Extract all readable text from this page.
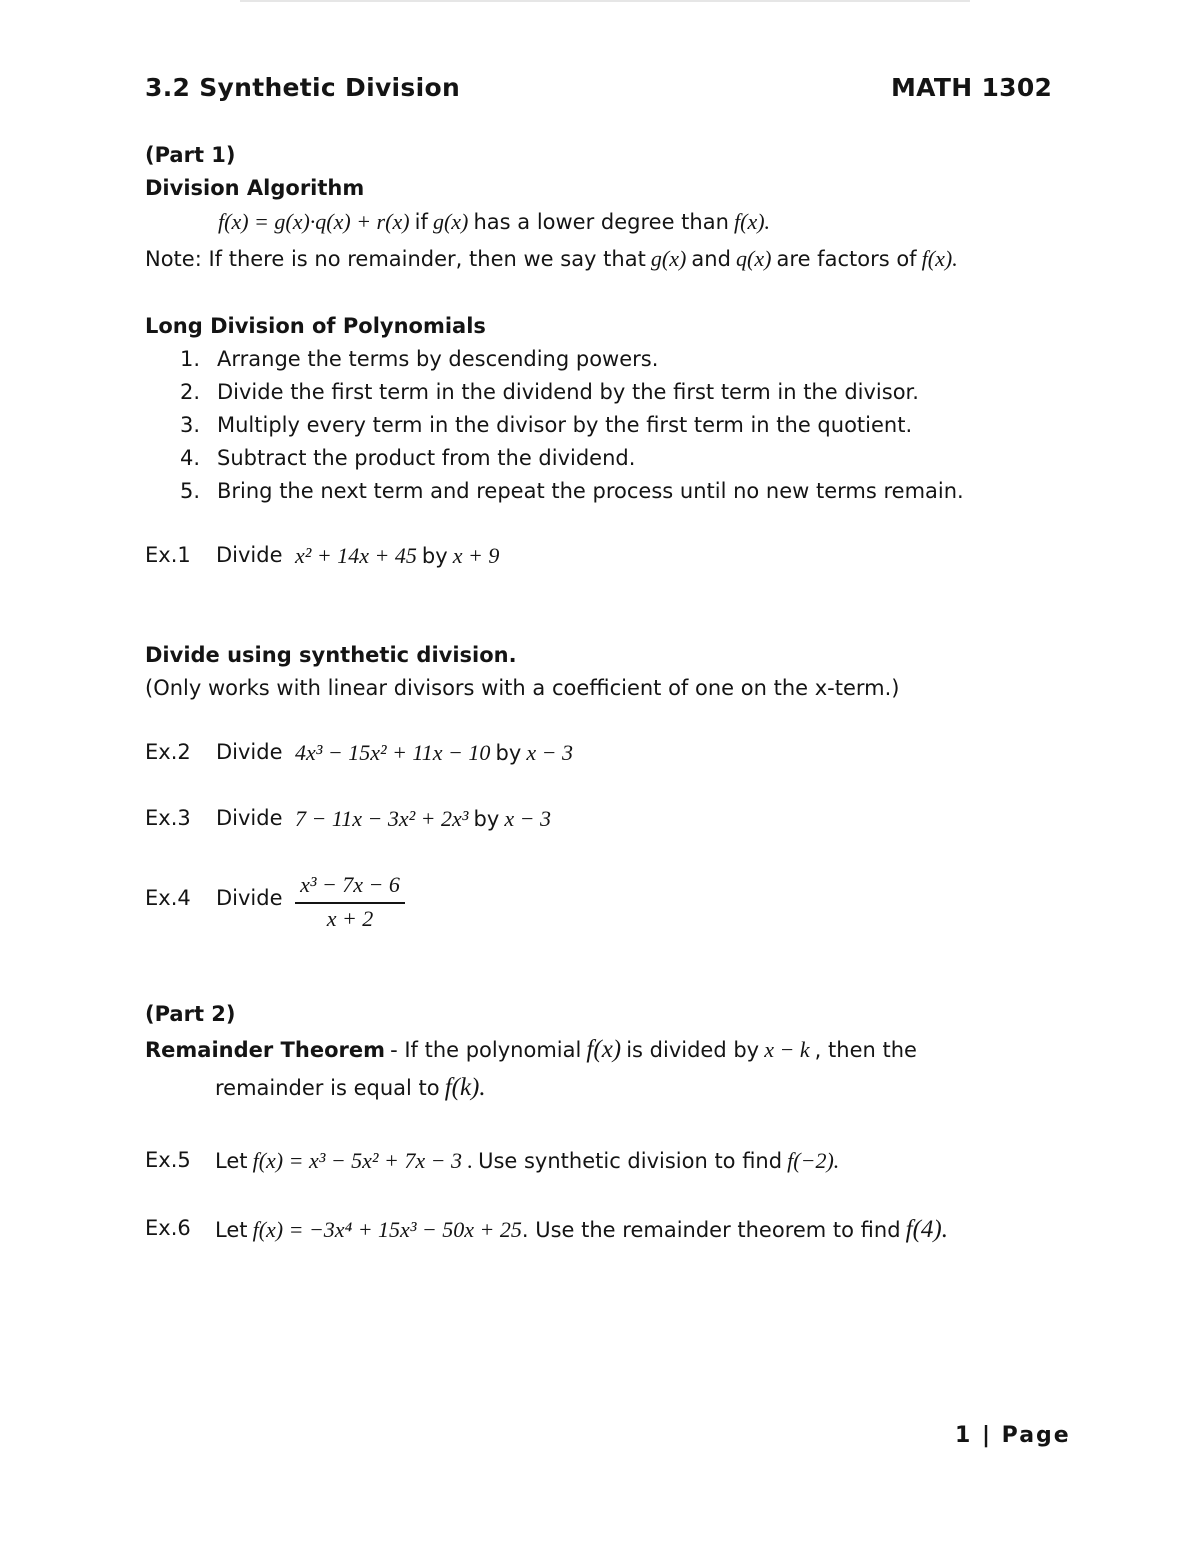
3.2 Synthetic Division	MATH 1302
(Part 1)
Division Algorithm
f(x) = g(x)·q(x) + r(x) if g(x) has a lower degree than f(x).
Note: If there is no remainder, then we say that g(x) and q(x) are factors of f(x).
Long Division of Polynomials
1. Arrange the terms by descending powers.
2. Divide the first term in the dividend by the first term in the divisor.
3. Multiply every term in the divisor by the first term in the quotient.
4. Subtract the product from the dividend.
5. Bring the next term and repeat the process until no new terms remain.
Ex.1 Divide x² + 14x + 45 by x + 9
Divide using synthetic division.
(Only works with linear divisors with a coefficient of one on the x-term.)
Ex.2 Divide 4x³ − 15x² + 11x − 10 by x − 3
Ex.3 Divide 7 − 11x − 3x² + 2x³ by x − 3
Ex.4 Divide
x³ − 7x − 6
x + 2
(Part 2)
Remainder Theorem - If the polynomial f(x) is divided by x − k , then the
remainder is equal to f(k).
Ex.5 Let f(x) = x³ − 5x² + 7x − 3 . Use synthetic division to find f(−2).
Ex.6 Let f(x) = −3x⁴ + 15x³ − 50x + 25. Use the remainder theorem to find f(4).
1 | Page
